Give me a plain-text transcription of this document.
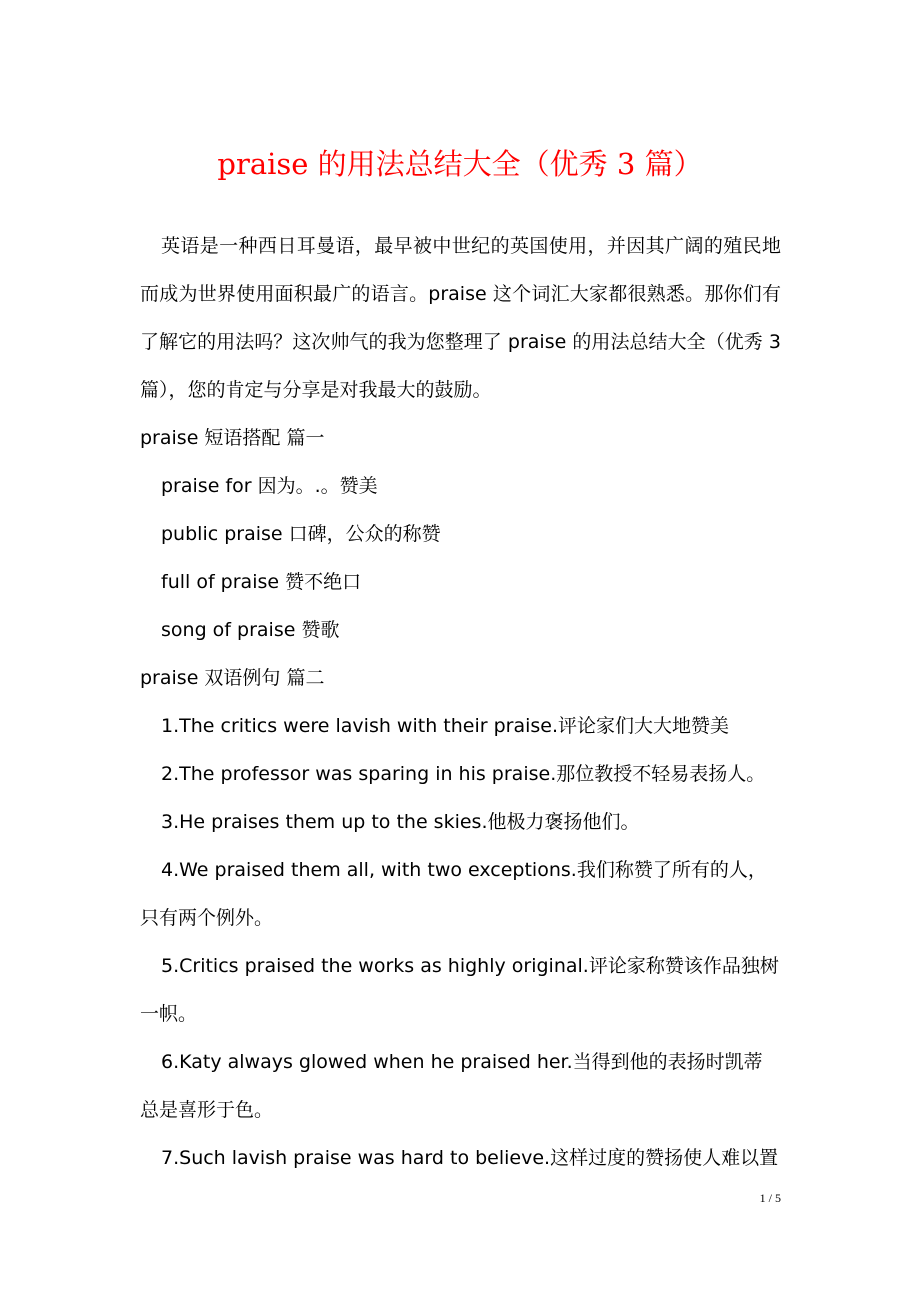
praise 的用法总结大全（优秀 3 篇）

英语是一种西日耳曼语，最早被中世纪的英国使用，并因其广阔的殖民地而成为世界使用面积最广的语言。praise 这个词汇大家都很熟悉。那你们有了解它的用法吗？这次帅气的我为您整理了 praise 的用法总结大全（优秀 3 篇），您的肯定与分享是对我最大的鼓励。

praise 短语搭配 篇一

praise for 因为。.。赞美
public praise 口碑，公众的称赞
full of praise 赞不绝口
song of praise 赞歌

praise 双语例句 篇二

1.The critics were lavish with their praise.评论家们大大地赞美

2.The professor was sparing in his praise.那位教授不轻易表扬人。

3.He praises them up to the skies.他极力褒扬他们。

4.We praised them all, with two exceptions.我们称赞了所有的人，只有两个例外。

5.Critics praised the works as highly original.评论家称赞该作品独树一帜。

6.Katy always glowed when he praised her.当得到他的表扬时凯蒂总是喜形于色。

7.Such lavish praise was hard to believe.这样过度的赞扬使人难以置

1 / 5
